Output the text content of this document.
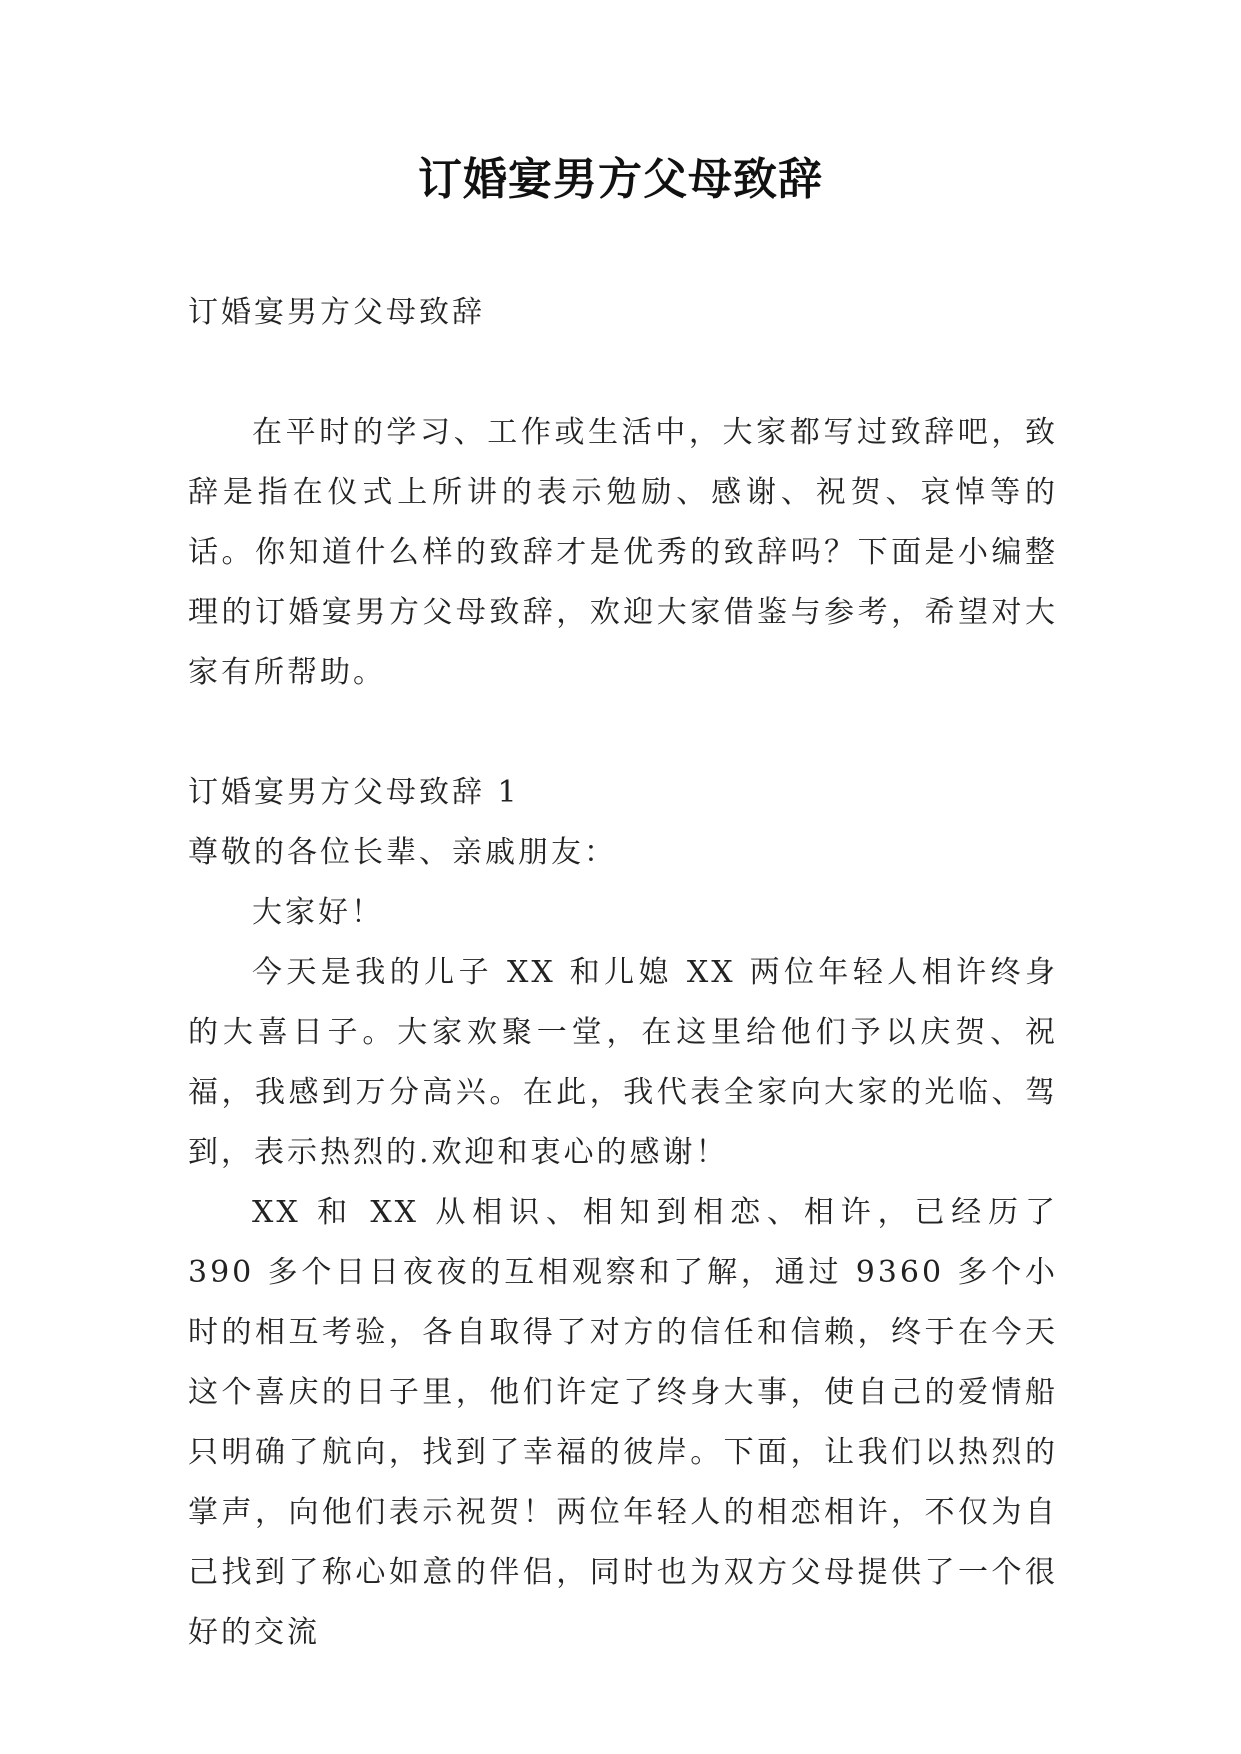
订婚宴男方父母致辞

订婚宴男方父母致辞

在平时的学习、工作或生活中，大家都写过致辞吧，致辞是指在仪式上所讲的表示勉励、感谢、祝贺、哀悼等的话。你知道什么样的致辞才是优秀的致辞吗？下面是小编整理的订婚宴男方父母致辞，欢迎大家借鉴与参考，希望对大家有所帮助。

订婚宴男方父母致辞 1

尊敬的各位长辈、亲戚朋友：

大家好！

今天是我的儿子 XX 和儿媳 XX 两位年轻人相许终身的大喜日子。大家欢聚一堂，在这里给他们予以庆贺、祝福，我感到万分高兴。在此，我代表全家向大家的光临、驾到，表示热烈的.欢迎和衷心的感谢！

XX 和 XX 从相识、相知到相恋、相许，已经历了 390 多个日日夜夜的互相观察和了解，通过 9360 多个小时的相互考验，各自取得了对方的信任和信赖，终于在今天这个喜庆的日子里，他们许定了终身大事，使自己的爱情船只明确了航向，找到了幸福的彼岸。下面，让我们以热烈的掌声，向他们表示祝贺！两位年轻人的相恋相许，不仅为自己找到了称心如意的伴侣，同时也为双方父母提供了一个很好的交流
